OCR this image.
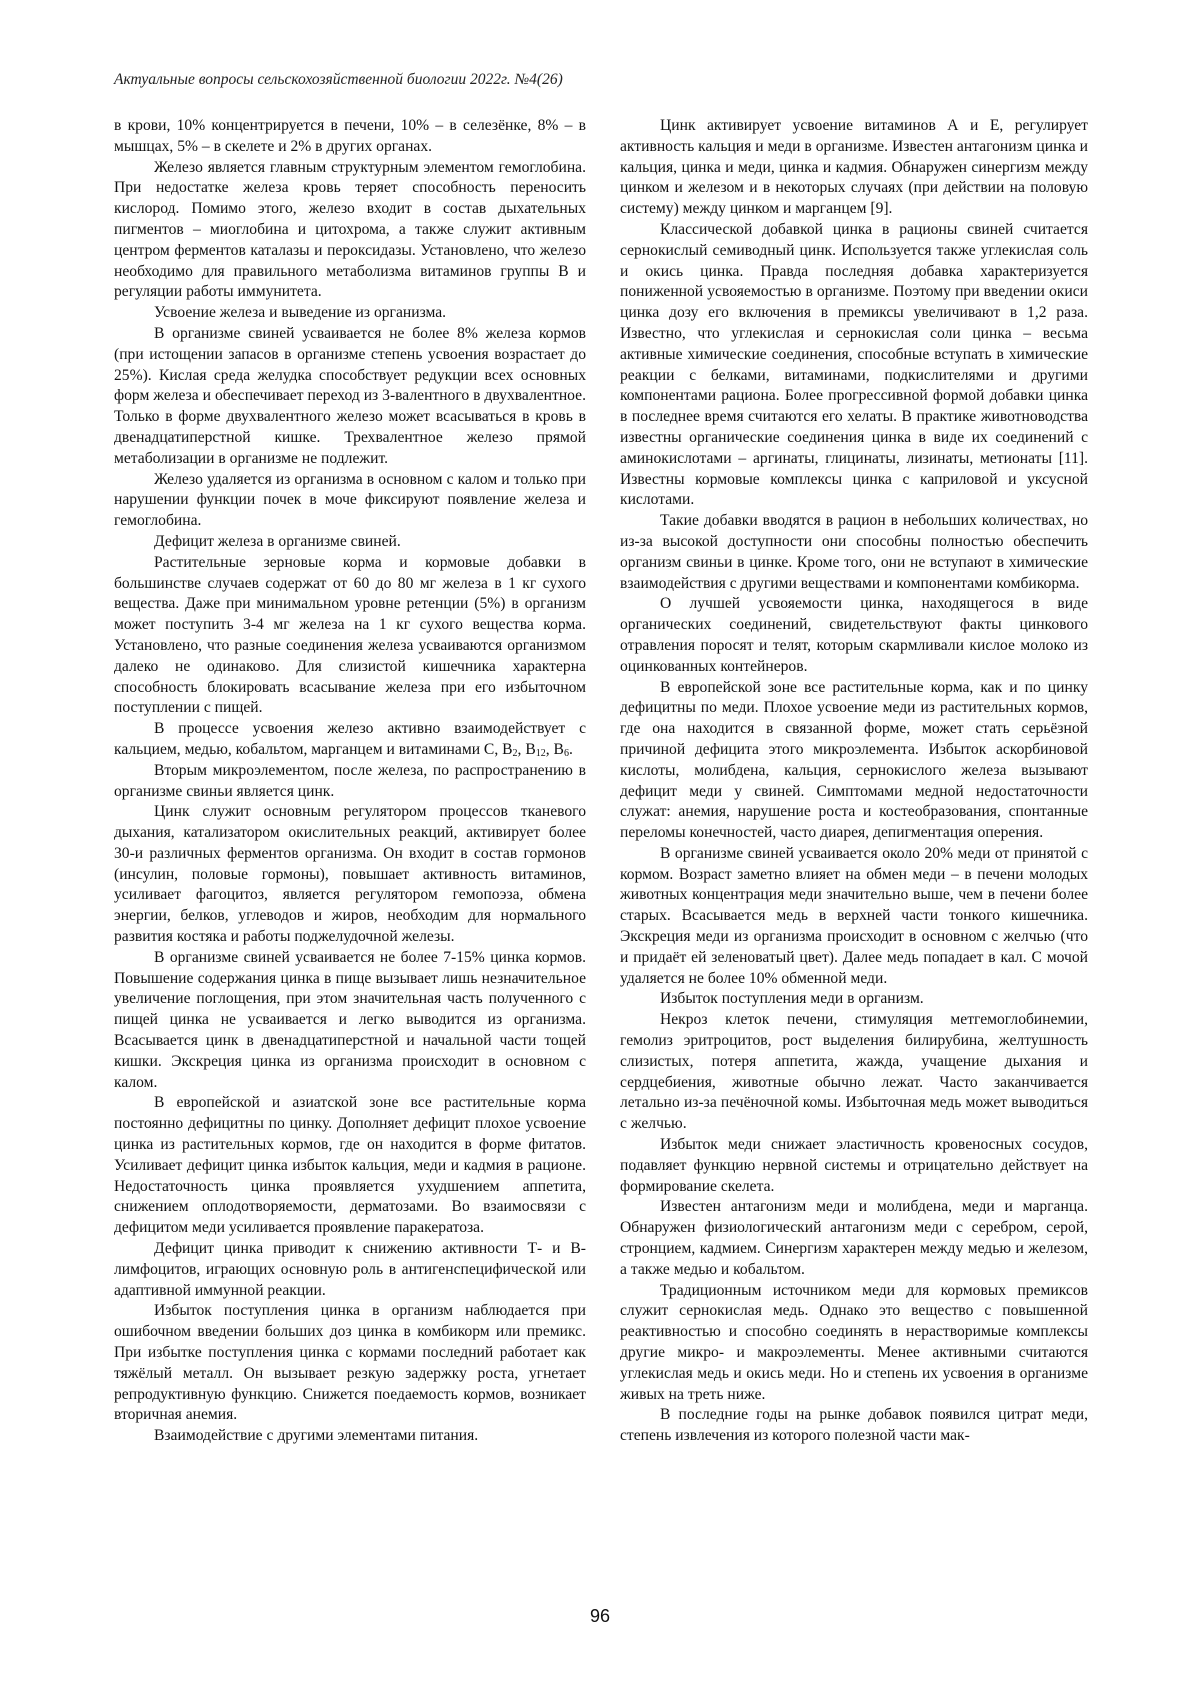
Актуальные вопросы сельскохозяйственной биологии 2022г. №4(26)

в крови, 10% концентрируется в печени, 10% – в селезёнке, 8% – в мышцах, 5% – в скелете и 2% в других органах.

Железо является главным структурным элементом гемоглобина. При недостатке железа кровь теряет способность переносить кислород. Помимо этого, железо входит в состав дыхательных пигментов – миоглобина и цитохрома, а также служит активным центром ферментов каталазы и пероксидазы. Установлено, что железо необходимо для правильного метаболизма витаминов группы В и регуляции работы иммунитета.

Усвоение железа и выведение из организма.

В организме свиней усваивается не более 8% железа кормов (при истощении запасов в организме степень усвоения возрастает до 25%). Кислая среда желудка способствует редукции всех основных форм железа и обеспечивает переход из 3-валентного в двухвалентное. Только в форме двухвалентного железо может всасываться в кровь в двенадцатиперстной кишке. Трехвалентное железо прямой метаболизации в организме не подлежит.

Железо удаляется из организма в основном с калом и только при нарушении функции почек в моче фиксируют появление железа и гемоглобина.

Дефицит железа в организме свиней.

Растительные зерновые корма и кормовые добавки в большинстве случаев содержат от 60 до 80 мг железа в 1 кг сухого вещества. Даже при минимальном уровне ретенции (5%) в организм может поступить 3-4 мг железа на 1 кг сухого вещества корма. Установлено, что разные соединения железа усваиваются организмом далеко не одинаково. Для слизистой кишечника характерна способность блокировать всасывание железа при его избыточном поступлении с пищей.

В процессе усвоения железо активно взаимодействует с кальцием, медью, кобальтом, марганцем и витаминами С, $B_2$, $B_{12}$, $B_6$.

Вторым микроэлементом, после железа, по распространению в организме свиньи является цинк.

Цинк служит основным регулятором процессов тканевого дыхания, катализатором окислительных реакций, активирует более 30-и различных ферментов организма. Он входит в состав гормонов (инсулин, половые гормоны), повышает активность витаминов, усиливает фагоцитоз, является регулятором гемопоэза, обмена энергии, белков, углеводов и жиров, необходим для нормального развития костяка и работы поджелудочной железы.

В организме свиней усваивается не более 7-15% цинка кормов. Повышение содержания цинка в пище вызывает лишь незначительное увеличение поглощения, при этом значительная часть полученного с пищей цинка не усваивается и легко выводится из организма. Всасывается цинк в двенадцатиперстной и начальной части тощей кишки. Экскреция цинка из организма происходит в основном с калом.

В европейской и азиатской зоне все растительные корма постоянно дефицитны по цинку. Дополняет дефицит плохое усвоение цинка из растительных кормов, где он находится в форме фитатов. Усиливает дефицит цинка избыток кальция, меди и кадмия в рационе. Недостаточность цинка проявляется ухудшением аппетита, снижением оплодотворяемости, дерматозами. Во взаимосвязи с дефицитом меди усиливается проявление паракератоза.

Дефицит цинка приводит к снижению активности Т- и В-лимфоцитов, играющих основную роль в антигенспецифической или адаптивной иммунной реакции.

Избыток поступления цинка в организм наблюдается при ошибочном введении больших доз цинка в комбикорм или премикс. При избытке поступления цинка с кормами последний работает как тяжёлый металл. Он вызывает резкую задержку роста, угнетает репродуктивную функцию. Снижется поедаемость кормов, возникает вторичная анемия.

Взаимодействие с другими элементами питания.

Цинк активирует усвоение витаминов А и Е, регулирует активность кальция и меди в организме. Известен антагонизм цинка и кальция, цинка и меди, цинка и кадмия. Обнаружен синергизм между цинком и железом и в некоторых случаях (при действии на половую систему) между цинком и марганцем [9].

Классической добавкой цинка в рационы свиней считается сернокислый семиводный цинк. Используется также углекислая соль и окись цинка. Правда последняя добавка характеризуется пониженной усвояемостью в организме. Поэтому при введении окиси цинка дозу его включения в премиксы увеличивают в 1,2 раза. Известно, что углекислая и сернокислая соли цинка – весьма активные химические соединения, способные вступать в химические реакции с белками, витаминами, подкислителями и другими компонентами рациона. Более прогрессивной формой добавки цинка в последнее время считаются его хелаты. В практике животноводства известны органические соединения цинка в виде их соединений с аминокислотами – аргинаты, глицинаты, лизинаты, метионаты [11]. Известны кормовые комплексы цинка с каприловой и уксусной кислотами.

Такие добавки вводятся в рацион в небольших количествах, но из-за высокой доступности они способны полностью обеспечить организм свиньи в цинке. Кроме того, они не вступают в химические взаимодействия с другими веществами и компонентами комбикорма.

О лучшей усвояемости цинка, находящегося в виде органических соединений, свидетельствуют факты цинкового отравления поросят и телят, которым скармливали кислое молоко из оцинкованных контейнеров.

В европейской зоне все растительные корма, как и по цинку дефицитны по меди. Плохое усвоение меди из растительных кормов, где она находится в связанной форме, может стать серьёзной причиной дефицита этого микроэлемента. Избыток аскорбиновой кислоты, молибдена, кальция, сернокислого железа вызывают дефицит меди у свиней. Симптомами медной недостаточности служат: анемия, нарушение роста и костеобразования, спонтанные переломы конечностей, часто диарея, депигментация оперения.

В организме свиней усваивается около 20% меди от принятой с кормом. Возраст заметно влияет на обмен меди – в печени молодых животных концентрация меди значительно выше, чем в печени более старых. Всасывается медь в верхней части тонкого кишечника. Экскреция меди из организма происходит в основном с желчью (что и придаёт ей зеленоватый цвет). Далее медь попадает в кал. С мочой удаляется не более 10% обменной меди.

Избыток поступления меди в организм.

Некроз клеток печени, стимуляция метгемоглобинемии, гемолиз эритроцитов, рост выделения билирубина, желтушность слизистых, потеря аппетита, жажда, учащение дыхания и сердцебиения, животные обычно лежат. Часто заканчивается летально из-за печёночной комы. Избыточная медь может выводиться с желчью.

Избыток меди снижает эластичность кровеносных сосудов, подавляет функцию нервной системы и отрицательно действует на формирование скелета.

Известен антагонизм меди и молибдена, меди и марганца. Обнаружен физиологический антагонизм меди с серебром, серой, стронцием, кадмием. Синергизм характерен между медью и железом, а также медью и кобальтом.

Традиционным источником меди для кормовых премиксов служит сернокислая медь. Однако это вещество с повышенной реактивностью и способно соединять в нерастворимые комплексы другие микро- и макроэлементы. Менее активными считаются углекислая медь и окись меди. Но и степень их усвоения в организме живых на треть ниже.

В последние годы на рынке добавок появился цитрат меди, степень извлечения из которого полезной части мак-

96
